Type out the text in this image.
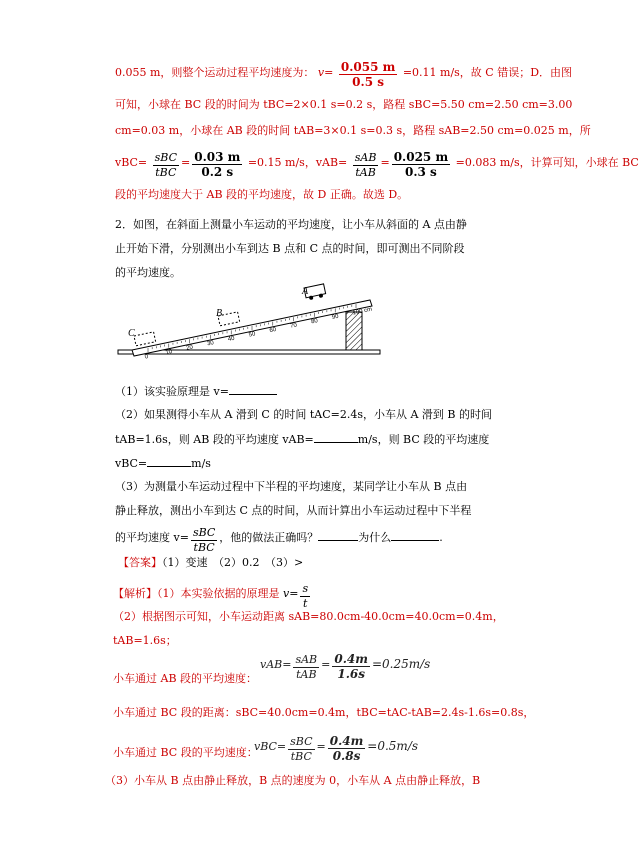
0.055 m，则整个运动过程平均速度为： $v= \frac{0.055 m}{0.5 s} =0.11$ m/s，故 C 错误；D．由图
可知，小球在 BC 段的时间为 tBC=2×0.1 s=0.2 s，路程 sBC=5.50 cm=2.50 cm=3.00
cm=0.03 m，小球在 AB 段的时间 tAB=3×0.1 s=0.3 s，路程 sAB=2.50 cm=0.025 m，所
$vBC= \frac{\text{sBC}}{\text{tBC}} = \frac{0.03 m}{0.2 s} =0.15$ m/s，$vAB= \frac{\text{sAB}}{\text{tAB}} = \frac{0.025 m}{0.3 s} =0.083$ m/s，计算可知，小球在 BC
段的平均速度大于 AB 段的平均速度，故 D 正确。故选 D。
2．如图，在斜面上测量小车运动的平均速度，让小车从斜面的 A 点由静
止开始下滑，分别测出小车到达 B 点和 C 点的时间，即可测出不同阶段
的平均速度。
A
B
C
0
10
20
30
40
50
60
70
80
90
100 cm
（1）该实验原理是 v=
（2）如果测得小车从 A 滑到 C 的时间 tAC=2.4s，小车从 A 滑到 B 的时间
tAB=1.6s，则 AB 段的平均速度 vAB=	m/s，则 BC 段的平均速度
vBC=	m/s
（3）为测量小车运动过程中下半程的平均速度，某同学让小车从 B 点由
静止释放，测出小车到达 C 点的时间，从而计算出小车运动过程中下半程
的平均速度 $v= \frac{\text{sBC}}{\text{tBC}}$ ，他的做法正确吗？	为什么	.
【答案】（1）变速　（2）0.2　（3）>
【解析】（1）本实验依据的原理是 $v= \frac{s}{t}$
（2）根据图示可知，小车运动距离 sAB=80.0cm-40.0cm=40.0cm=0.4m，
tAB=1.6s；
小车通过 AB 段的平均速度：
$vAB= \frac{\text{sAB}}{\text{tAB}} = \frac{0.4m}{1.6s} =0.25m/s$
小车通过 BC 段的距离：sBC=40.0cm=0.4m，tBC=tAC-tAB=2.4s-1.6s=0.8s，
小车通过 BC 段的平均速度：
$vBC= \frac{\text{sBC}}{\text{tBC}} = \frac{0.4m}{0.8s} =0.5m/s$
（3）小车从 B 点由静止释放，B 点的速度为 0，小车从 A 点由静止释放，B
